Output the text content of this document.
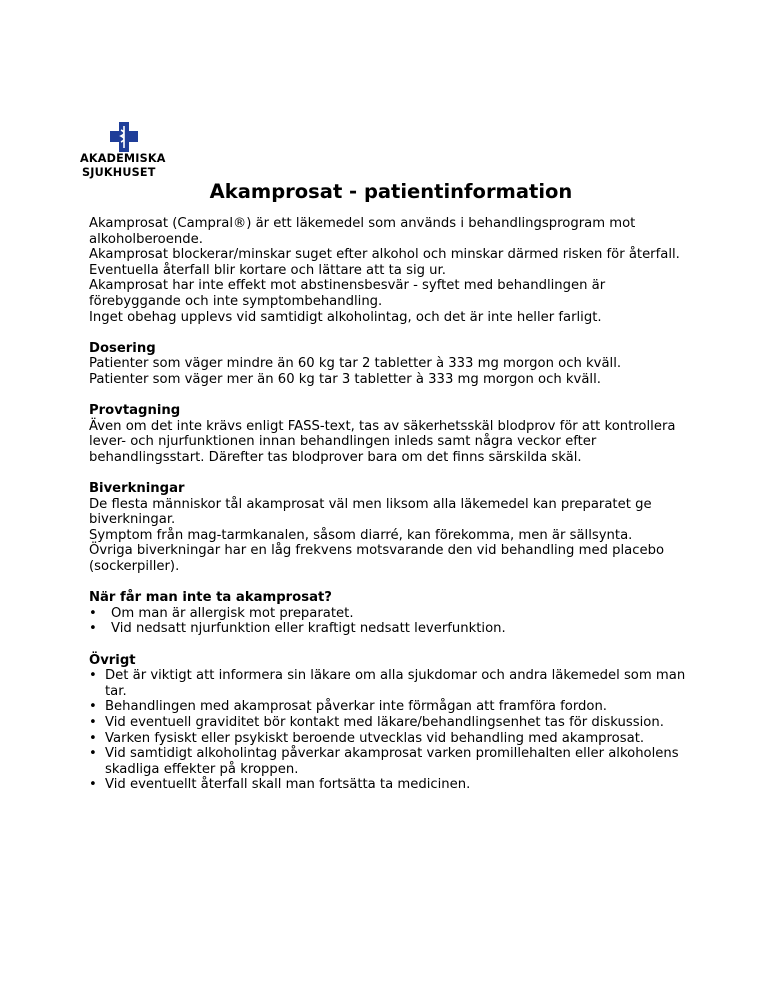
AKADEMISKA
SJUKHUSET
Akamprosat - patientinformation

Akamprosat (Campral®) är ett läkemedel som används i behandlingsprogram mot alkoholberoende.

Akamprosat blockerar/minskar suget efter alkohol och minskar därmed risken för återfall. Eventuella återfall blir kortare och lättare att ta sig ur.

Akamprosat har inte effekt mot abstinensbesvär - syftet med behandlingen är förebyggande och inte symptombehandling.

Inget obehag upplevs vid samtidigt alkoholintag, och det är inte heller farligt.

Dosering

Patienter som väger mindre än 60 kg tar 2 tabletter à 333 mg morgon och kväll.

Patienter som väger mer än 60 kg tar 3 tabletter à 333 mg morgon och kväll.

Provtagning

Även om det inte krävs enligt FASS-text, tas av säkerhetsskäl blodprov för att kontrollera lever- och njurfunktionen innan behandlingen inleds samt några veckor efter behandlingsstart. Därefter tas blodprover bara om det finns särskilda skäl.

Biverkningar

De flesta människor tål akamprosat väl men liksom alla läkemedel kan preparatet ge biverkningar.

Symptom från mag-tarmkanalen, såsom diarré, kan förekomma, men är sällsynta.

Övriga biverkningar har en låg frekvens motsvarande den vid behandling med placebo (sockerpiller).

När får man inte ta akamprosat?

• Om man är allergisk mot preparatet.
• Vid nedsatt njurfunktion eller kraftigt nedsatt leverfunktion.

Övrigt

• Det är viktigt att informera sin läkare om alla sjukdomar och andra läkemedel som man tar.
• Behandlingen med akamprosat påverkar inte förmågan att framföra fordon.
• Vid eventuell graviditet bör kontakt med läkare/behandlingsenhet tas för diskussion.
• Varken fysiskt eller psykiskt beroende utvecklas vid behandling med akamprosat.
• Vid samtidigt alkoholintag påverkar akamprosat varken promillehalten eller alkoholens skadliga effekter på kroppen.
• Vid eventuellt återfall skall man fortsätta ta medicinen.
